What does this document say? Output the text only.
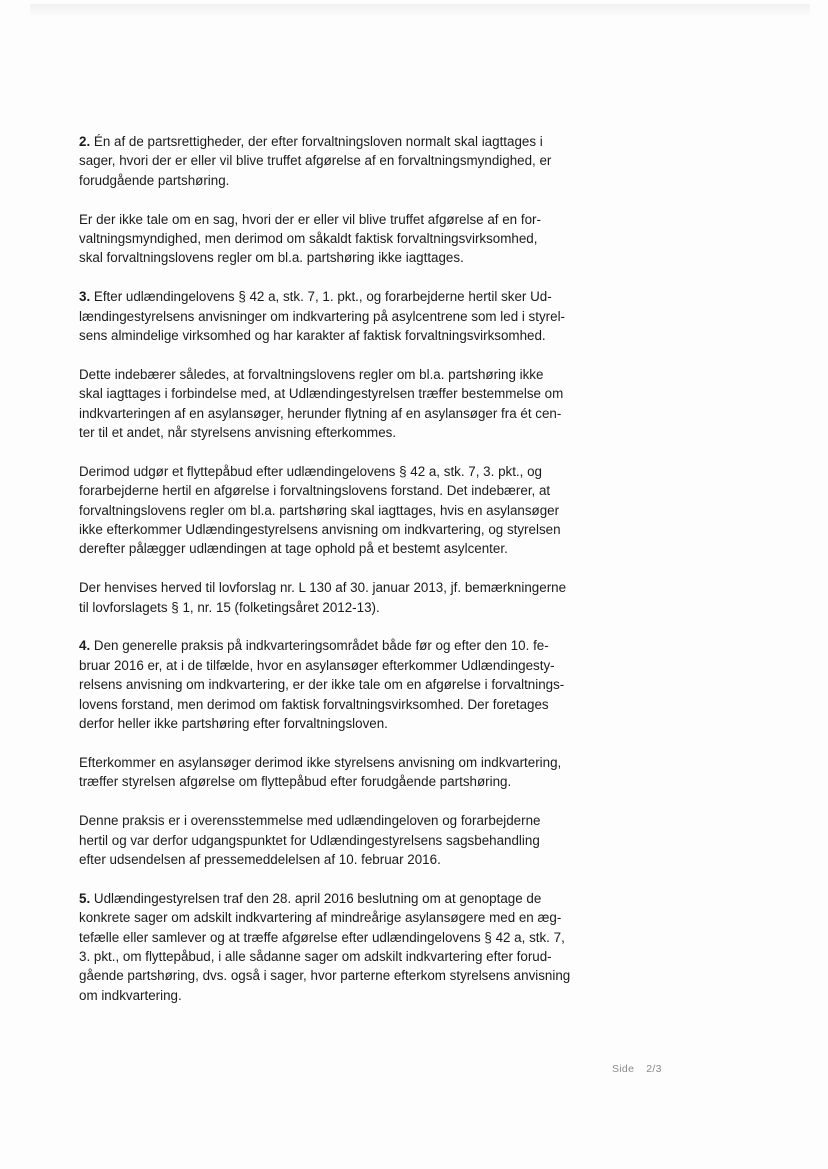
2. Én af de partsrettigheder, der efter forvaltningsloven normalt skal iagttages i
sager, hvori der er eller vil blive truffet afgørelse af en forvaltningsmyndighed, er
forudgående partshøring.
Er der ikke tale om en sag, hvori der er eller vil blive truffet afgørelse af en for-
valtningsmyndighed, men derimod om såkaldt faktisk forvaltningsvirksomhed,
skal forvaltningslovens regler om bl.a. partshøring ikke iagttages.
3. Efter udlændingelovens § 42 a, stk. 7, 1. pkt., og forarbejderne hertil sker Ud-
lændingestyrelsens anvisninger om indkvartering på asylcentrene som led i styrel-
sens almindelige virksomhed og har karakter af faktisk forvaltningsvirksomhed.
Dette indebærer således, at forvaltningslovens regler om bl.a. partshøring ikke
skal iagttages i forbindelse med, at Udlændingestyrelsen træffer bestemmelse om
indkvarteringen af en asylansøger, herunder flytning af en asylansøger fra ét cen-
ter til et andet, når styrelsens anvisning efterkommes.
Derimod udgør et flyttepåbud efter udlændingelovens § 42 a, stk. 7, 3. pkt., og
forarbejderne hertil en afgørelse i forvaltningslovens forstand. Det indebærer, at
forvaltningslovens regler om bl.a. partshøring skal iagttages, hvis en asylansøger
ikke efterkommer Udlændingestyrelsens anvisning om indkvartering, og styrelsen
derefter pålægger udlændingen at tage ophold på et bestemt asylcenter.
Der henvises herved til lovforslag nr. L 130 af 30. januar 2013, jf. bemærkningerne
til lovforslagets § 1, nr. 15 (folketingsåret 2012-13).
4. Den generelle praksis på indkvarteringsområdet både før og efter den 10. fe-
bruar 2016 er, at i de tilfælde, hvor en asylansøger efterkommer Udlændingesty-
relsens anvisning om indkvartering, er der ikke tale om en afgørelse i forvaltnings-
lovens forstand, men derimod om faktisk forvaltningsvirksomhed. Der foretages
derfor heller ikke partshøring efter forvaltningsloven.
Efterkommer en asylansøger derimod ikke styrelsens anvisning om indkvartering,
træffer styrelsen afgørelse om flyttepåbud efter forudgående partshøring.
Denne praksis er i overensstemmelse med udlændingeloven og forarbejderne
hertil og var derfor udgangspunktet for Udlændingestyrelsens sagsbehandling
efter udsendelsen af pressemeddelelsen af 10. februar 2016.
5. Udlændingestyrelsen traf den 28. april 2016 beslutning om at genoptage de
konkrete sager om adskilt indkvartering af mindreårige asylansøgere med en æg-
tefælle eller samlever og at træffe afgørelse efter udlændingelovens § 42 a, stk. 7,
3. pkt., om flyttepåbud, i alle sådanne sager om adskilt indkvartering efter forud-
gående partshøring, dvs. også i sager, hvor parterne efterkom styrelsens anvisning
om indkvartering.
Side 2/3
